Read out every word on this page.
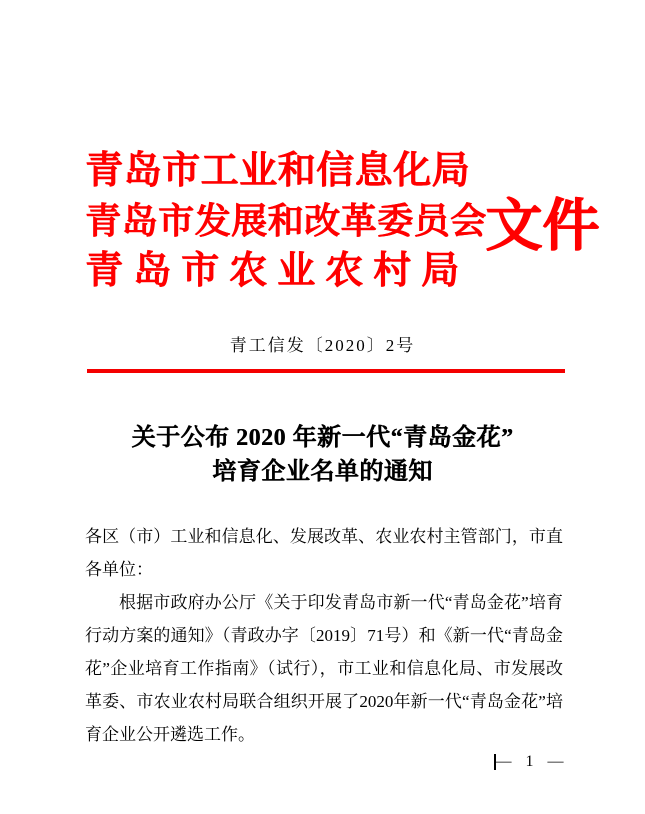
青岛市工业和信息化局
青岛市发展和改革委员会
青岛市农业农村局
文件
青工信发〔2020〕2号
关于公布 2020 年新一代“青岛金花”
培育企业名单的通知

各区（市）工业和信息化、发展改革、农业农村主管部门，市直各单位：

根据市政府办公厅《关于印发青岛市新一代“青岛金花”培育行动方案的通知》（青政办字〔2019〕71号）和《新一代“青岛金花”企业培育工作指南》（试行），市工业和信息化局、市发展改革委、市农业农村局联合组织开展了2020年新一代“青岛金花”培育企业公开遴选工作。

—  1  —
